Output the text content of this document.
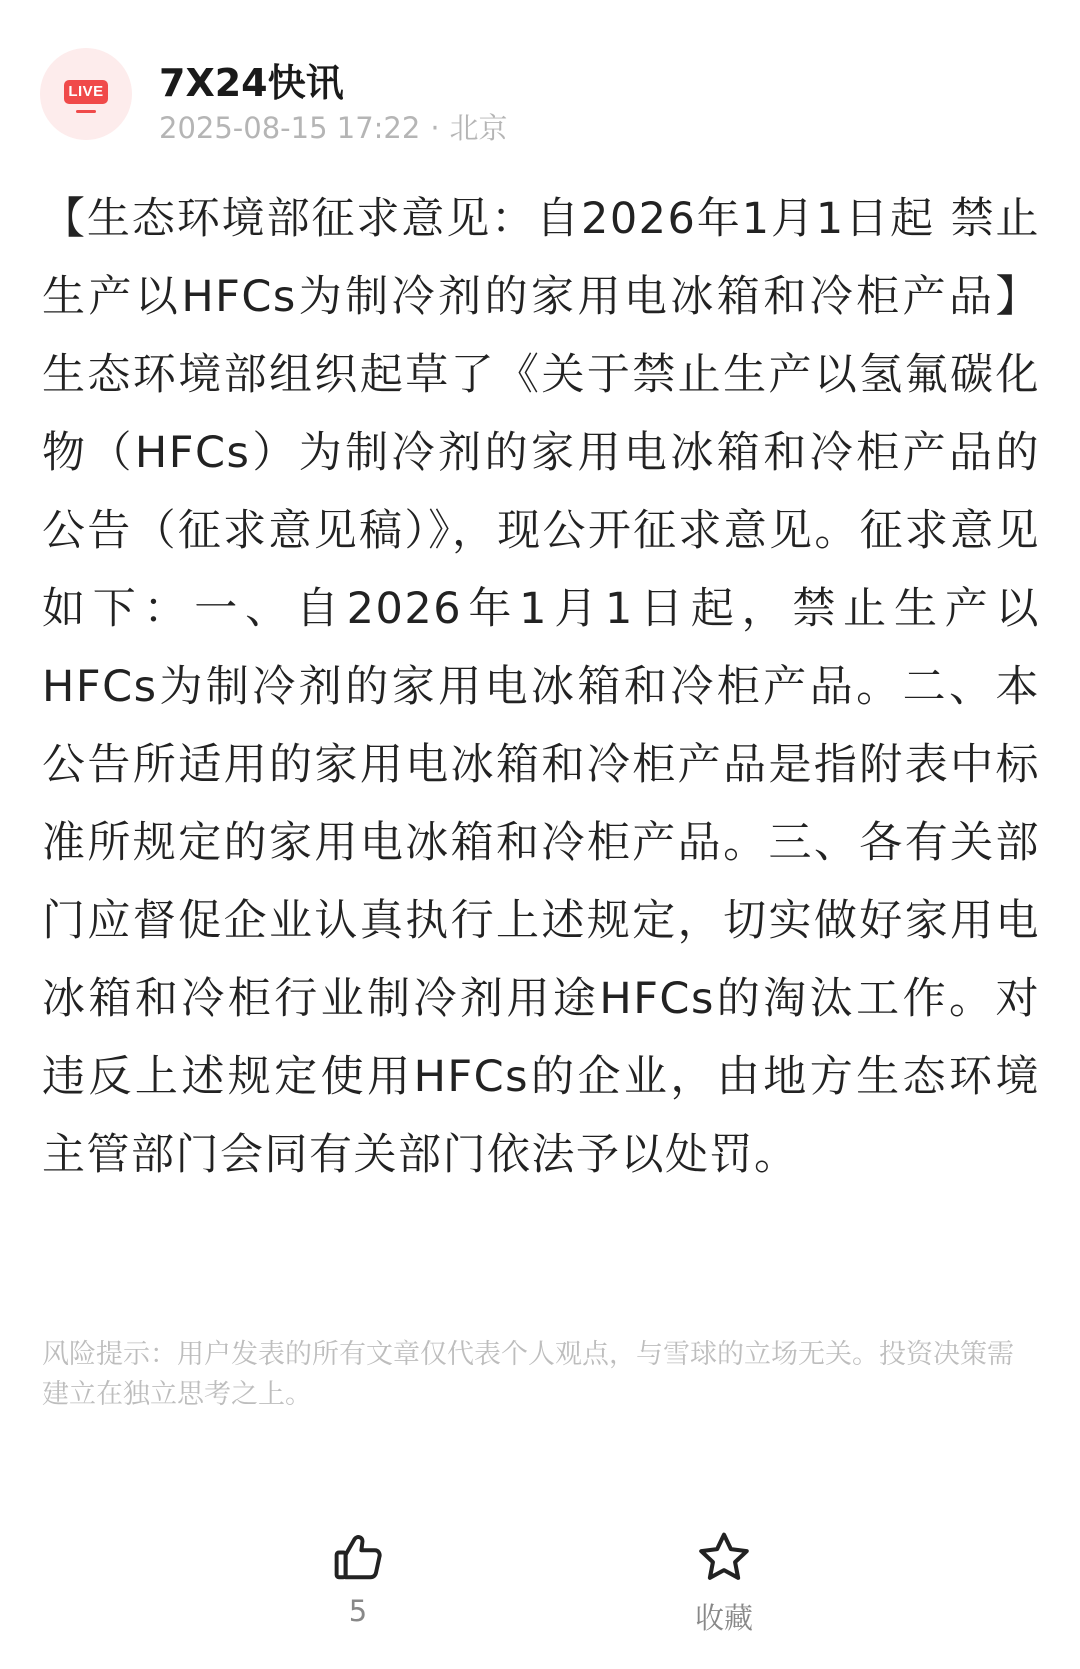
LIVE 7X24快讯
2025-08-15 17:22 · 北京

【生态环境部征求意见：自2026年1月1日起 禁止生产以HFCs为制冷剂的家用电冰箱和冷柜产品】生态环境部组织起草了《关于禁止生产以氢氟碳化物（HFCs）为制冷剂的家用电冰箱和冷柜产品的公告（征求意见稿）》，现公开征求意见。征求意见如下：一、自2026年1月1日起，禁止生产以HFCs为制冷剂的家用电冰箱和冷柜产品。二、本公告所适用的家用电冰箱和冷柜产品是指附表中标准所规定的家用电冰箱和冷柜产品。三、各有关部门应督促企业认真执行上述规定，切实做好家用电冰箱和冷柜行业制冷剂用途HFCs的淘汰工作。对违反上述规定使用HFCs的企业，由地方生态环境主管部门会同有关部门依法予以处罚。

风险提示：用户发表的所有文章仅代表个人观点，与雪球的立场无关。投资决策需建立在独立思考之上。

5	收藏
